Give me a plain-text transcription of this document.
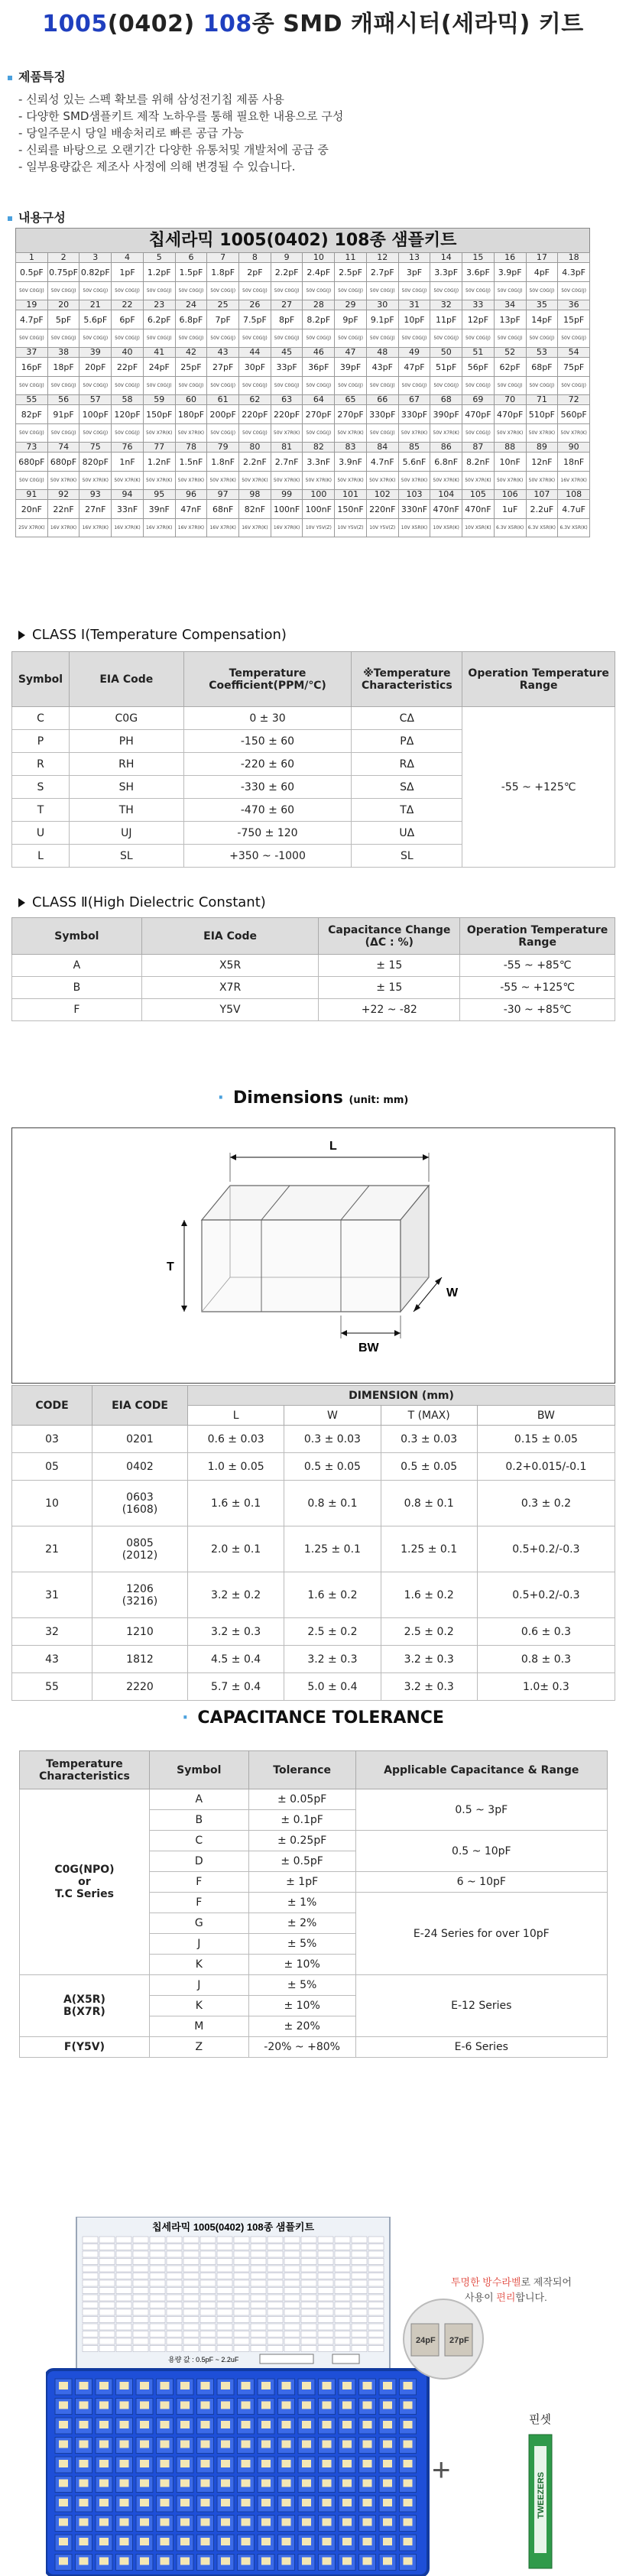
1005(0402) 108종 SMD 캐패시터(세라믹) 키트
제품특징
- 신뢰성 있는 스펙 확보를 위해 삼성전기칩 제품 사용
- 다양한 SMD샘플키트 제작 노하우를 통해 필요한 내용으로 구성
- 당일주문시 당일 배송처리로 빠른 공급 가능
- 신뢰를 바탕으로 오랜기간 다양한 유통처및 개발처에 공급 중
- 일부용량값은 제조사 사정에 의해 변경될 수 있습니다.
내용구성
칩세라믹 1005(0402) 108종 샘플키트
1	2	3	4	5	6	7	8	9	10	11	12	13	14	15	16	17	18
0.5pF	0.75pF	0.82pF	1pF	1.2pF	1.5pF	1.8pF	2pF	2.2pF	2.4pF	2.5pF	2.7pF	3pF	3.3pF	3.6pF	3.9pF	4pF	4.3pF
50V C0G(J)	50V C0G(J)	50V C0G(J)	50V C0G(J)	50V C0G(J)	50V C0G(J)	50V C0G(J)	50V C0G(J)	50V C0G(J)	50V C0G(J)	50V C0G(J)	50V C0G(J)	50V C0G(J)	50V C0G(J)	50V C0G(J)	50V C0G(J)	50V C0G(J)	50V C0G(J)
19	20	21	22	23	24	25	26	27	28	29	30	31	32	33	34	35	36
4.7pF	5pF	5.6pF	6pF	6.2pF	6.8pF	7pF	7.5pF	8pF	8.2pF	9pF	9.1pF	10pF	11pF	12pF	13pF	14pF	15pF
50V C0G(J)	50V C0G(J)	50V C0G(J)	50V C0G(J)	50V C0G(J)	50V C0G(J)	50V C0G(J)	50V C0G(J)	50V C0G(J)	50V C0G(J)	50V C0G(J)	50V C0G(J)	50V C0G(J)	50V C0G(J)	50V C0G(J)	50V C0G(J)	50V C0G(J)	50V C0G(J)
37	38	39	40	41	42	43	44	45	46	47	48	49	50	51	52	53	54
16pF	18pF	20pF	22pF	24pF	25pF	27pF	30pF	33pF	36pF	39pF	43pF	47pF	51pF	56pF	62pF	68pF	75pF
50V C0G(J)	50V C0G(J)	50V C0G(J)	50V C0G(J)	50V C0G(J)	50V C0G(J)	50V C0G(J)	50V C0G(J)	50V C0G(J)	50V C0G(J)	50V C0G(J)	50V C0G(J)	50V C0G(J)	50V C0G(J)	50V C0G(J)	50V C0G(J)	50V C0G(J)	50V C0G(J)
55	56	57	58	59	60	61	62	63	64	65	66	67	68	69	70	71	72
82pF	91pF	100pF	120pF	150pF	180pF	200pF	220pF	220pF	270pF	270pF	330pF	330pF	390pF	470pF	470pF	510pF	560pF
50V C0G(J)	50V C0G(J)	50V C0G(J)	50V C0G(J)	50V X7R(K)	50V X7R(K)	50V C0G(J)	50V C0G(J)	50V X7R(K)	50V C0G(J)	50V X7R(K)	50V C0G(J)	50V X7R(K)	50V X7R(K)	50V C0G(J)	50V X7R(K)	50V X7R(K)	50V X7R(K)
73	74	75	76	77	78	79	80	81	82	83	84	85	86	87	88	89	90
680pF	680pF	820pF	1nF	1.2nF	1.5nF	1.8nF	2.2nF	2.7nF	3.3nF	3.9nF	4.7nF	5.6nF	6.8nF	8.2nF	10nF	12nF	18nF
50V C0G(J)	50V X7R(K)	50V X7R(K)	50V X7R(K)	50V X7R(K)	50V X7R(K)	50V X7R(K)	50V X7R(K)	50V X7R(K)	50V X7R(K)	50V X7R(K)	50V X7R(K)	50V X7R(K)	50V X7R(K)	50V X7R(K)	50V X7R(K)	50V X7R(K)	16V X7R(K)
91	92	93	94	95	96	97	98	99	100	101	102	103	104	105	106	107	108
20nF	22nF	27nF	33nF	39nF	47nF	68nF	82nF	100nF	100nF	150nF	220nF	330nF	470nF	470nF	1uF	2.2uF	4.7uF
25V X7R(K)	16V X7R(K)	16V X7R(K)	16V X7R(K)	16V X7R(K)	16V X7R(K)	16V X7R(K)	16V X7R(K)	16V X7R(K)	10V Y5V(Z)	10V Y5V(Z)	10V Y5V(Z)	10V X5R(K)	10V X5R(K)	10V X5R(K)	6.3V X5R(K)	6.3V X5R(K)	6.3V X5R(K)
CLASS Ⅰ(Temperature Compensation)
Symbol	EIA Code	Temperature Coefficient(PPM/℃)	※Temperature Characteristics	Operation Temperature Range
C	C0G	0 ± 30	CΔ	-55 ~ +125℃
P	PH	-150 ± 60	PΔ	
R	RH	-220 ± 60	RΔ	
S	SH	-330 ± 60	SΔ	
T	TH	-470 ± 60	TΔ	
U	UJ	-750 ± 120	UΔ	
L	SL	+350 ~ -1000	SL	
CLASS Ⅱ(High Dielectric Constant)
Symbol	EIA Code	Capacitance Change (ΔC : %)	Operation Temperature Range
A	X5R	± 15	-55 ~ +85℃
B	X7R	± 15	-55 ~ +125℃
F	Y5V	+22 ~ -82	-30 ~ +85℃
· Dimensions (unit: mm)
L
T
W
BW
CODE	EIA CODE	DIMENSION (mm)			
		L	W	T (MAX)	BW
03	0201	0.6 ± 0.03	0.3 ± 0.03	0.3 ± 0.03	0.15 ± 0.05
05	0402	1.0 ± 0.05	0.5 ± 0.05	0.5 ± 0.05	0.2+0.015/-0.1
10	0603
(1608)	1.6 ± 0.1	0.8 ± 0.1	0.8 ± 0.1	0.3 ± 0.2
21	0805
(2012)	2.0 ± 0.1	1.25 ± 0.1	1.25 ± 0.1	0.5+0.2/-0.3
31	1206
(3216)	3.2 ± 0.2	1.6 ± 0.2	1.6 ± 0.2	0.5+0.2/-0.3
32	1210	3.2 ± 0.3	2.5 ± 0.2	2.5 ± 0.2	0.6 ± 0.3
43	1812	4.5 ± 0.4	3.2 ± 0.3	3.2 ± 0.3	0.8 ± 0.3
55	2220	5.7 ± 0.4	5.0 ± 0.4	3.2 ± 0.3	1.0± 0.3
· CAPACITANCE TOLERANCE
Temperature Characteristics	Symbol	Tolerance	Applicable Capacitance & Range
C0G(NPO)
or
T.C Series	A	± 0.05pF	0.5 ~ 3pF
	B	± 0.1pF	
	C	± 0.25pF	0.5 ~ 10pF
	D	± 0.5pF	
	F	± 1pF	6 ~ 10pF
	F	± 1%	E-24 Series for over 10pF
	G	± 2%	
	J	± 5%	
	K	± 10%	
A(X5R)
B(X7R)	J	± 5%	E-12 Series
	K	± 10%	
	M	± 20%	
F(Y5V)	Z	-20% ~ +80%	E-6 Series
칩세라믹 1005(0402) 108종 샘플키트
용량 값 : 0.5pF ~ 2.2uF
24pF 27pF
투명한 방수라벨로 제작되어
사용이 편리합니다.
+
핀셋
TWEEZERS
